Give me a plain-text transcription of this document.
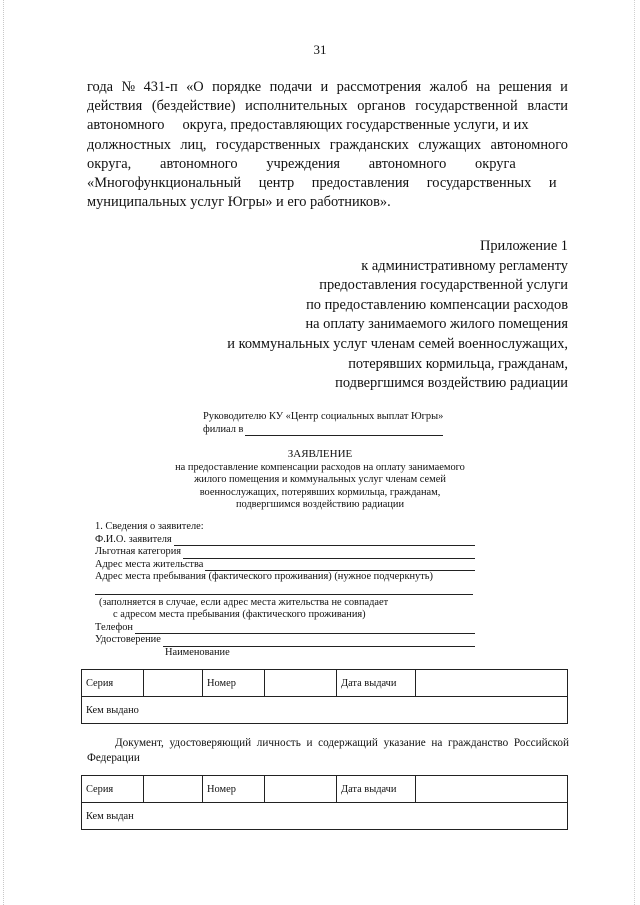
31
года № 431-п «О порядке подачи и рассмотрения жалоб на решения и
действия (бездействие) исполнительных органов государственной власти
автономного     округа, предоставляющих государственные услуги, и их
должностных лиц, государственных гражданских служащих автономного
округа,        автономного        учреждения        автономного        округа
«Многофункциональный центр предоставления государственных и
муниципальных услуг Югры» и его работников».
Приложение 1
к административному регламенту
предоставления государственной услуги
по предоставлению компенсации расходов
на оплату занимаемого жилого помещения
и коммунальных услуг членам семей военнослужащих,
потерявших кормильца, гражданам,
подвергшимся воздействию радиации
Руководителю КУ «Центр социальных выплат Югры»
филиал в
ЗАЯВЛЕНИЕ
на предоставление компенсации расходов на оплату занимаемого
жилого помещения и коммунальных услуг членам семей
военнослужащих, потерявших кормильца, гражданам,
подвергшимся воздействию радиации
1. Сведения о заявителе:
Ф.И.О. заявителя
Льготная категория
Адрес места жительства
Адрес места пребывания (фактического проживания) (нужное подчеркнуть)
(заполняется в случае, если адрес места жительства не совпадает
с адресом места пребывания (фактического проживания)
Телефон
Удостоверение
Наименование
Серия		Номер		Дата выдачи	
Кем выдано
Документ, удостоверяющий личность и содержащий указание на гражданство Российской Федерации
Серия		Номер		Дата выдачи	
Кем выдан
